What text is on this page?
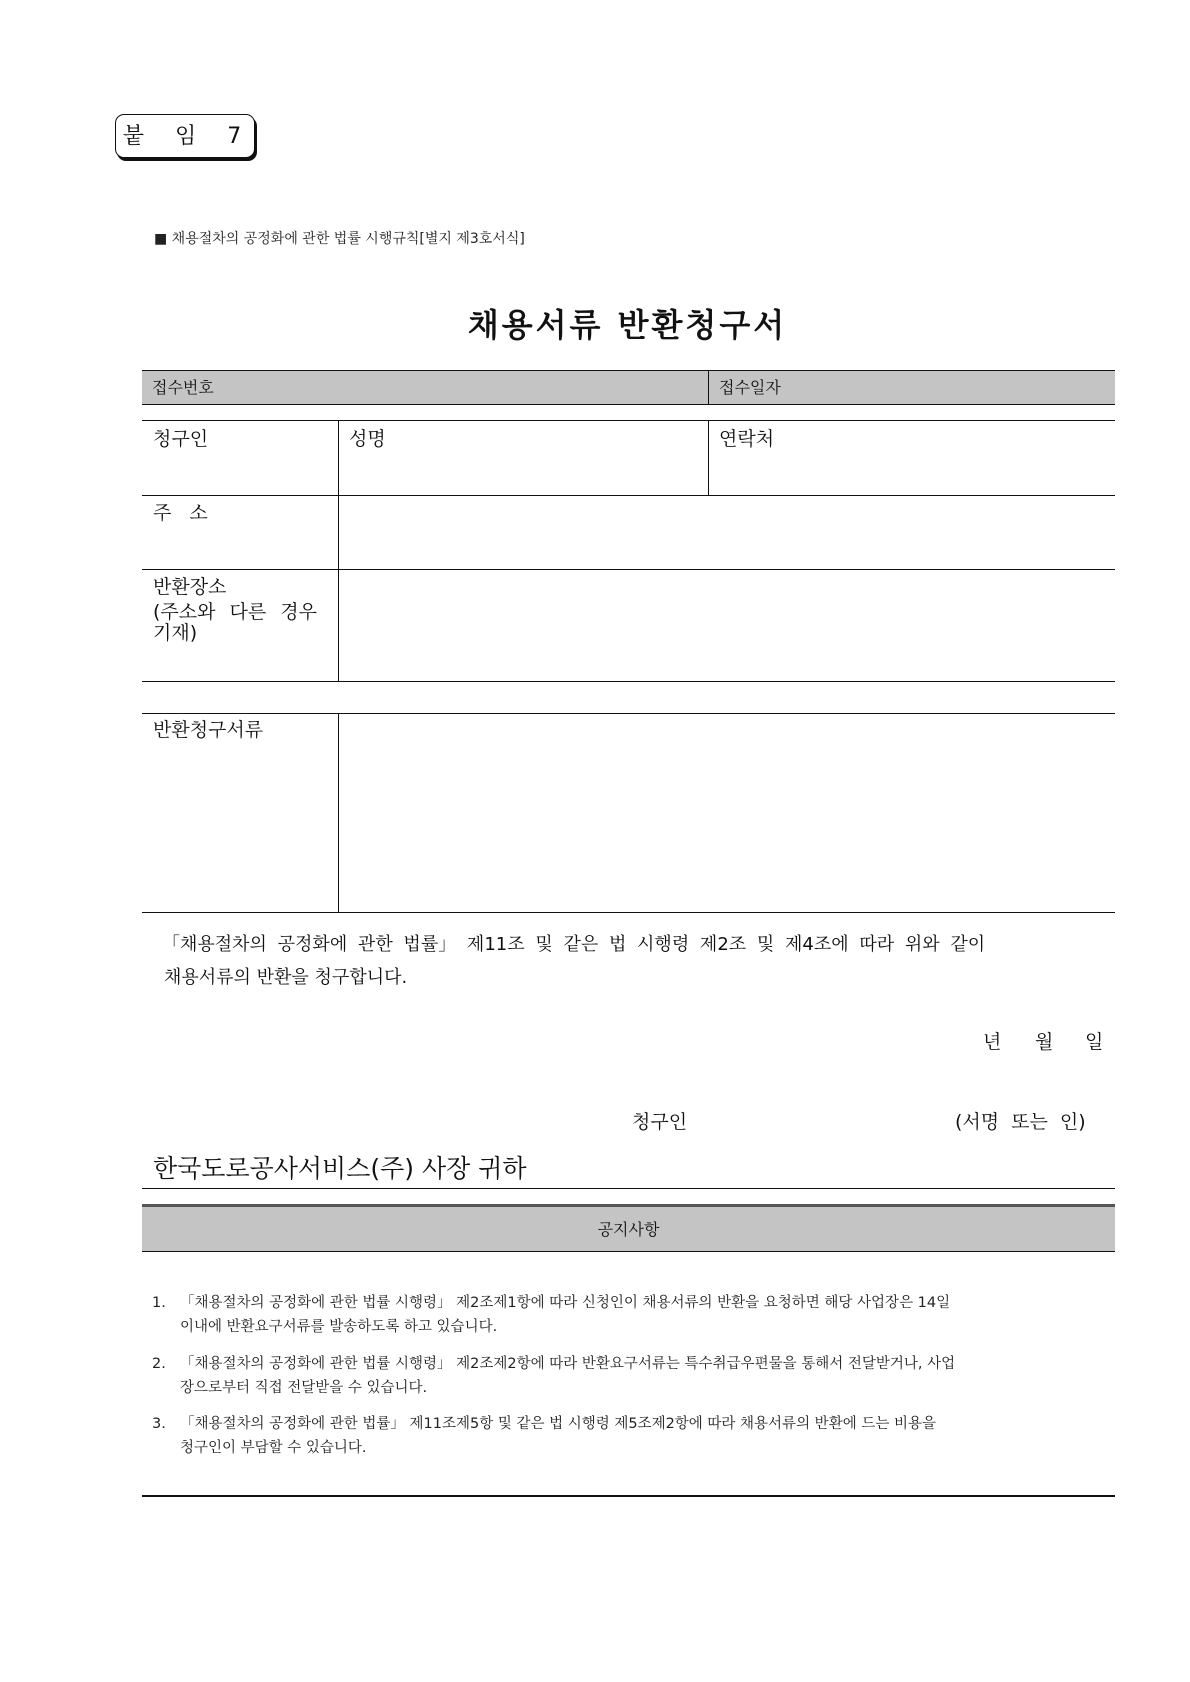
붙 임 7
■ 채용절차의 공정화에 관한 법률 시행규칙[별지 제3호서식]
채용서류 반환청구서
접수번호	접수일자
청구인	성명	연락처
주 소
반환장소
(주소와 다른 경우
기재)
반환청구서류
「채용절차의 공정화에 관한 법률」 제11조 및 같은 법 시행령 제2조 및 제4조에 따라 위와 같이
채용서류의 반환을 청구합니다.
년 월 일
청구인	(서명 또는 인)
한국도로공사서비스(주) 사장 귀하
공지사항
1. 「채용절차의 공정화에 관한 법률 시행령」 제2조제1항에 따라 신청인이 채용서류의 반환을 요청하면 해당 사업장은 14일
이내에 반환요구서류를 발송하도록 하고 있습니다.
2. 「채용절차의 공정화에 관한 법률 시행령」 제2조제2항에 따라 반환요구서류는 특수취급우편물을 통해서 전달받거나, 사업
장으로부터 직접 전달받을 수 있습니다.
3. 「채용절차의 공정화에 관한 법률」 제11조제5항 및 같은 법 시행령 제5조제2항에 따라 채용서류의 반환에 드는 비용을
청구인이 부담할 수 있습니다.
